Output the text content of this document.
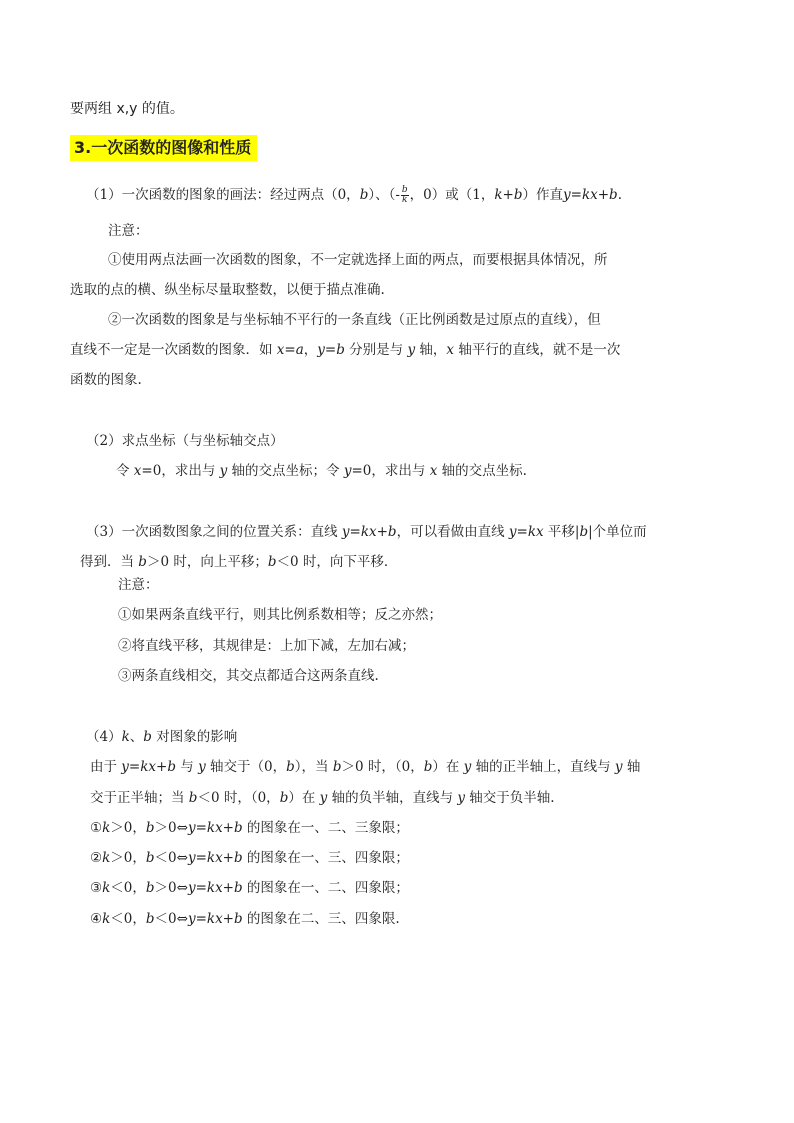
要两组 x,y 的值。
3.一次函数的图像和性质
（1）一次函数的图象的画法：经过两点（0，b）、（- $\frac{b}{k}$ ，0）或（1，k+b）作直y=kx+b.
注意：
①使用两点法画一次函数的图象，不一定就选择上面的两点，而要根据具体情况，所
选取的点的横、纵坐标尽量取整数，以便于描点准确.
②一次函数的图象是与坐标轴不平行的一条直线（正比例函数是过原点的直线），但
直线不一定是一次函数的图象．如 x=a，y=b 分别是与 y 轴，x 轴平行的直线，就不是一次
函数的图象.
（2）求点坐标（与坐标轴交点）
令 x=0，求出与 y 轴的交点坐标；令 y=0，求出与 x 轴的交点坐标.
（3）一次函数图象之间的位置关系：直线 y=kx+b，可以看做由直线 y=kx 平移|b|个单位而
得到．当 b＞0 时，向上平移；b＜0 时，向下平移．
注意：
①如果两条直线平行，则其比例系数相等；反之亦然；
②将直线平移，其规律是：上加下减，左加右减；
③两条直线相交，其交点都适合这两条直线.
（4）k、b 对图象的影响
由于 y=kx+b 与 y 轴交于（0，b），当 b＞0 时，（0，b）在 y 轴的正半轴上，直线与 y 轴
交于正半轴；当 b＜0 时，（0，b）在 y 轴的负半轴，直线与 y 轴交于负半轴.
①k＞0，b＞0⇔y=kx+b 的图象在一、二、三象限；
②k＞0，b＜0⇔y=kx+b 的图象在一、三、四象限；
③k＜0，b＞0⇔y=kx+b 的图象在一、二、四象限；
④k＜0，b＜0⇔y=kx+b 的图象在二、三、四象限.
